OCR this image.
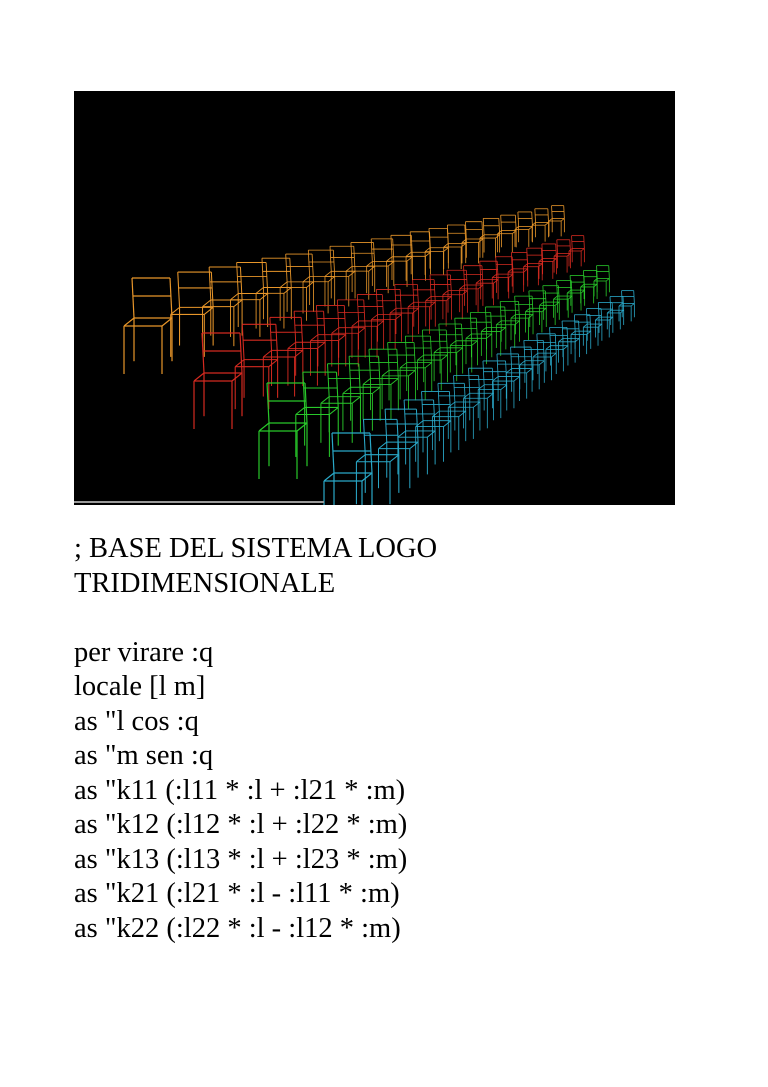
; BASE DEL SISTEMA LOGO

TRIDIMENSIONALE

per virare :q

locale [l m]

as "l cos :q

as "m sen :q

as "k11 (:l11 * :l + :l21 * :m)

as "k12 (:l12 * :l + :l22 * :m)

as "k13 (:l13 * :l + :l23 * :m)

as "k21 (:l21 * :l - :l11 * :m)

as "k22 (:l22 * :l - :l12 * :m)
